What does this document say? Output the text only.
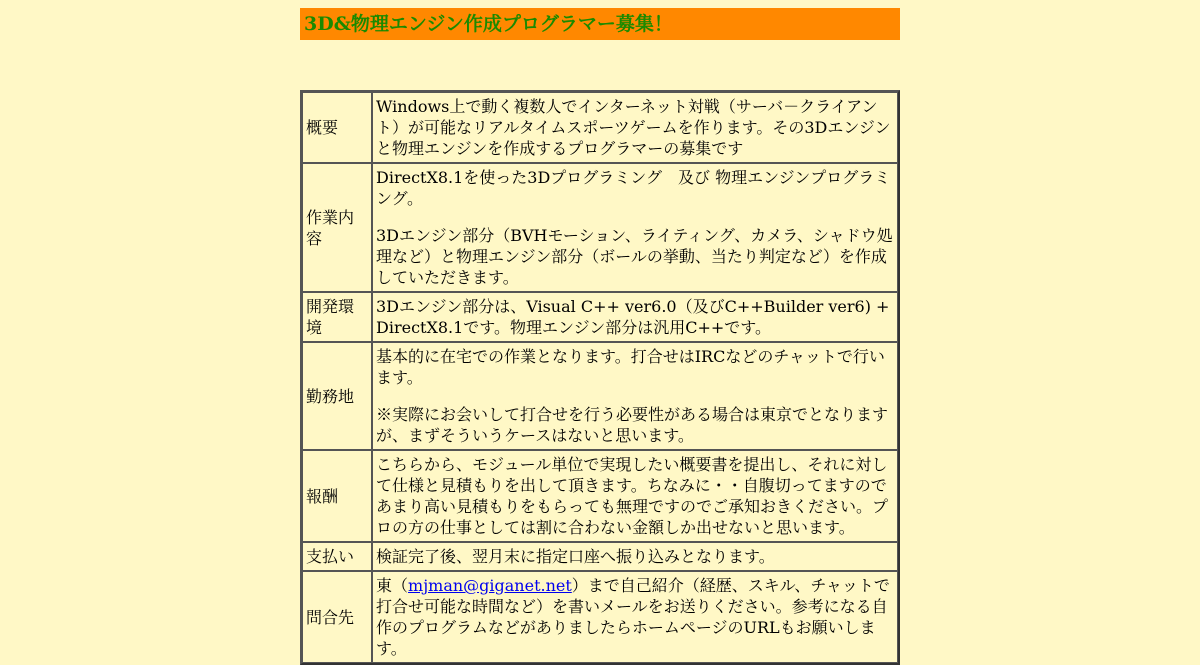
3D&物理エンジン作成プログラマー募集！
概要	Windows上で動く複数人でインターネット対戦（サーバ－クライアント）が可能なリアルタイムスポーツゲームを作ります。その3Dエンジンと物理エンジンを作成するプログラマーの募集です

作業内容	DirectX8.1を使った3Dプログラミング　及び 物理エンジンプログラミング。

3Dエンジン部分（BVHモーション、ライティング、カメラ、シャドウ処理など）と物理エンジン部分（ボールの挙動、当たり判定など）を作成していただきます。

開発環境	3Dエンジン部分は、Visual C++ ver6.0（及びC++Builder ver6) + DirectX8.1です。物理エンジン部分は汎用C++です。

勤務地	基本的に在宅での作業となります。打合せはIRCなどのチャットで行います。

※実際にお会いして打合せを行う必要性がある場合は東京でとなりますが、まずそういうケースはないと思います。

報酬	こちらから、モジュール単位で実現したい概要書を提出し、それに対して仕様と見積もりを出して頂きます。ちなみに・・自腹切ってますのであまり高い見積もりをもらっても無理ですのでご承知おきください。プロの方の仕事としては割に合わない金額しか出せないと思います。

支払い	検証完了後、翌月末に指定口座へ振り込みとなります。

問合先	東（mjman@giganet.net）まで自己紹介（経歴、スキル、チャットで打合せ可能な時間など）を書いメールをお送りください。参考になる自作のプログラムなどがありましたらホームページのURLもお願いします。
